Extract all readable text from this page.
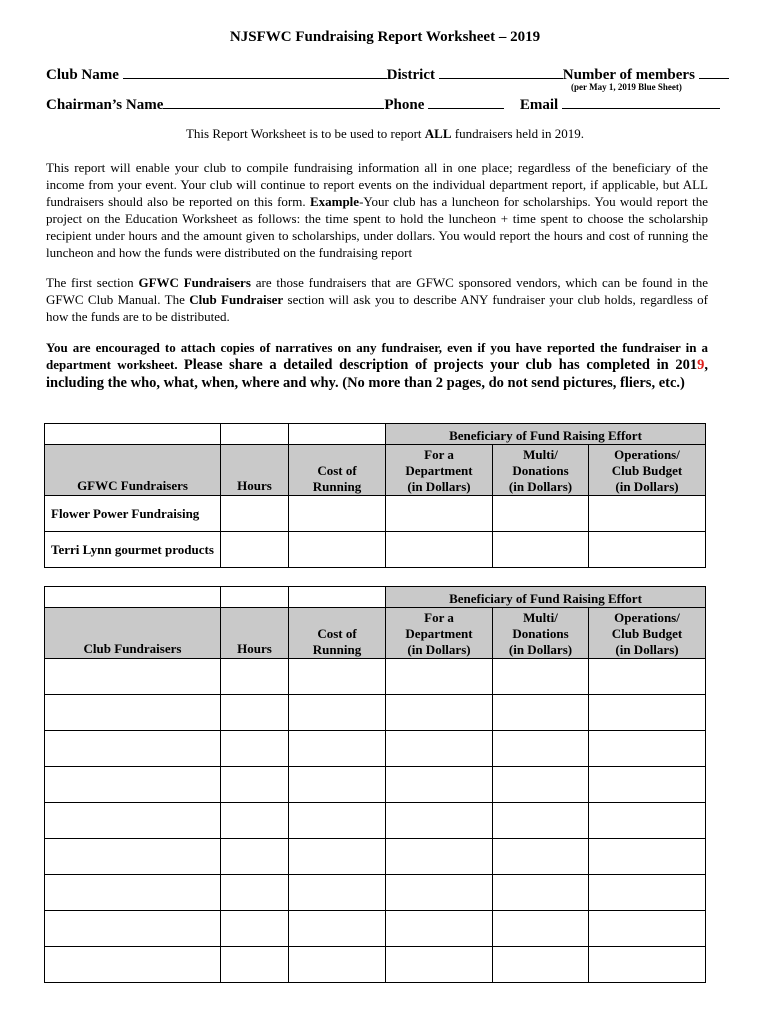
NJSFWC Fundraising Report Worksheet – 2019
Club Name	District	Number of members
(per May 1, 2019 Blue Sheet)
Chairman’s Name	Phone	Email
This Report Worksheet is to be used to report ALL fundraisers held in 2019.
This report will enable your club to compile fundraising information all in one place; regardless of the beneficiary of the income from your event. Your club will continue to report events on the individual department report, if applicable, but ALL fundraisers should also be reported on this form. Example-Your club has a luncheon for scholarships. You would report the project on the Education Worksheet as follows: the time spent to hold the luncheon + time spent to choose the scholarship recipient under hours and the amount given to scholarships, under dollars. You would report the hours and cost of running the luncheon and how the funds were distributed on the fundraising report
The first section GFWC Fundraisers are those fundraisers that are GFWC sponsored vendors, which can be found in the GFWC Club Manual. The Club Fundraiser section will ask you to describe ANY fundraiser your club holds, regardless of how the funds are to be distributed.
You are encouraged to attach copies of narratives on any fundraiser, even if you have reported the fundraiser in a department worksheet. Please share a detailed description of projects your club has completed in 2019, including the who, what, when, where and why. (No more than 2 pages, do not send pictures, fliers, etc.)
			Beneficiary of Fund Raising Effort		
GFWC Fundraisers	Hours	Cost of Running	For a Department (in Dollars)	Multi/ Donations (in Dollars)	Operations/ Club Budget (in Dollars)

Flower Power Fundraising					
Terri Lynn gourmet products					
			Beneficiary of Fund Raising Effort		
Club Fundraisers	Hours	Cost of Running	For a Department (in Dollars)	Multi/ Donations (in Dollars)	Operations/ Club Budget (in Dollars)
